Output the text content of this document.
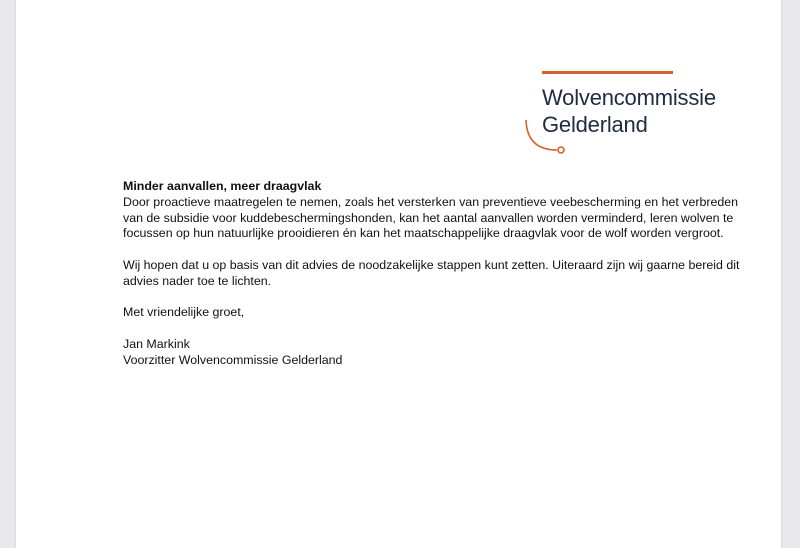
Wolvencommissie
Gelderland

Minder aanvallen, meer draagvlak

Door proactieve maatregelen te nemen, zoals het versterken van preventieve veebescherming en het verbreden van de subsidie voor kuddebeschermingshonden, kan het aantal aanvallen worden verminderd, leren wolven te focussen op hun natuurlijke prooidieren én kan het maatschappelijke draagvlak voor de wolf worden vergroot.

Wij hopen dat u op basis van dit advies de noodzakelijke stappen kunt zetten. Uiteraard zijn wij gaarne bereid dit advies nader toe te lichten.

Met vriendelijke groet,

Jan Markink

Voorzitter Wolvencommissie Gelderland
